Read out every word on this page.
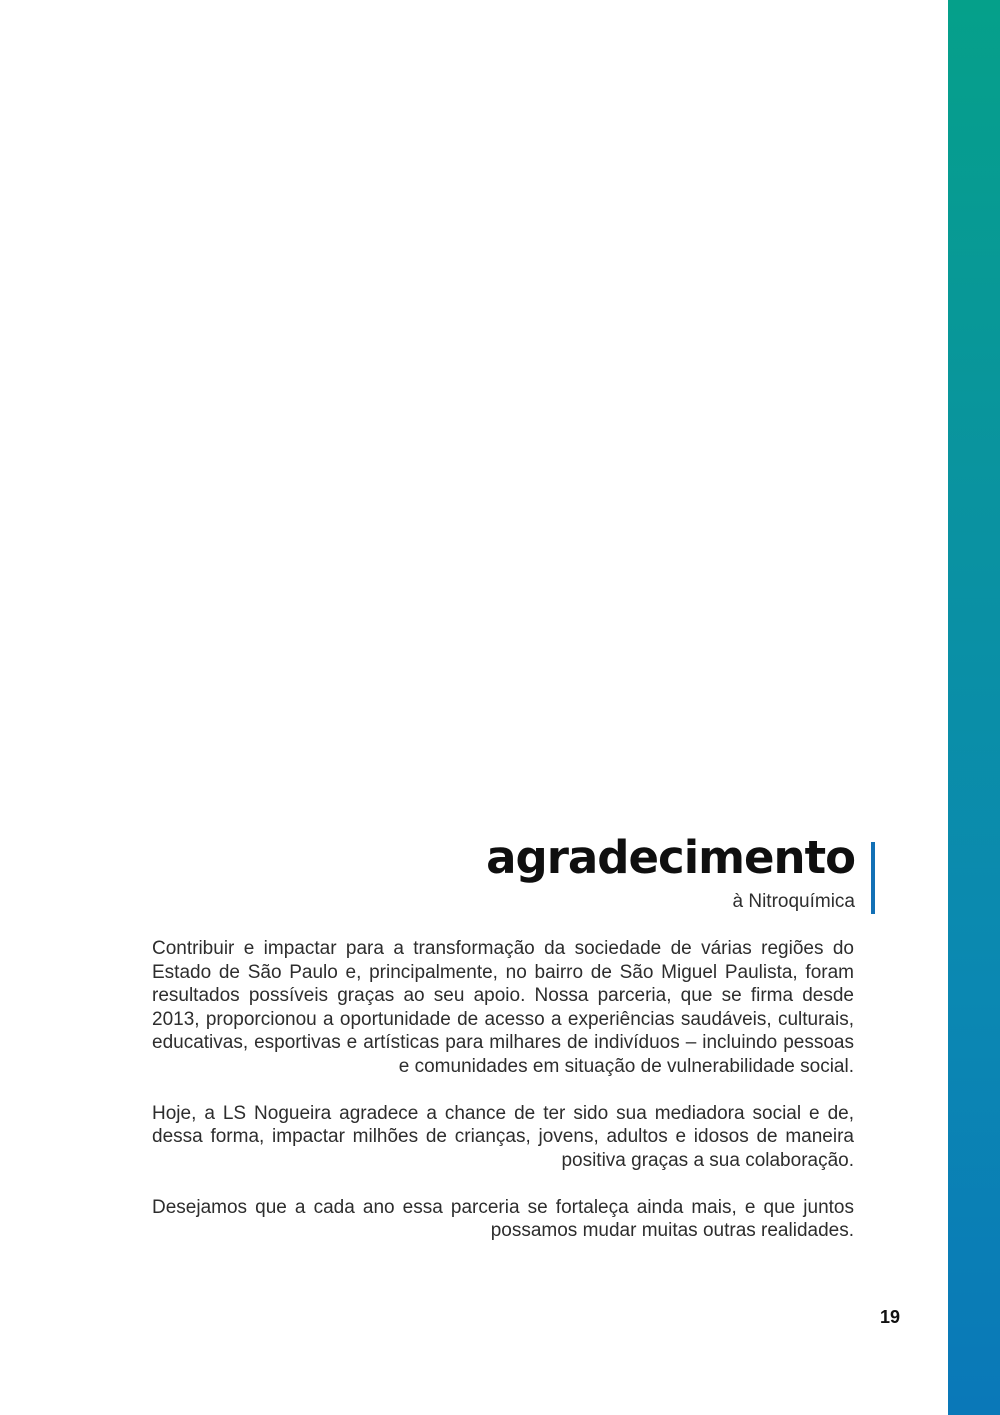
agradecimento
à Nitroquímica

Contribuir e impactar para a transformação da sociedade de várias regiões do Estado de São Paulo e, principalmente, no bairro de São Miguel Paulista, foram resultados possíveis graças ao seu apoio. Nossa parceria, que se firma desde 2013, proporcionou a oportunidade de acesso a experiências saudáveis, culturais, educativas, esportivas e artísticas para milhares de indivíduos – incluindo pessoas e comunidades em situação de vulnerabilidade social.

Hoje, a LS Nogueira agradece a chance de ter sido sua mediadora social e de, dessa forma, impactar milhões de crianças, jovens, adultos e idosos de maneira positiva graças a sua colaboração.

Desejamos que a cada ano essa parceria se fortaleça ainda mais, e que juntos possamos mudar muitas outras realidades.

19
